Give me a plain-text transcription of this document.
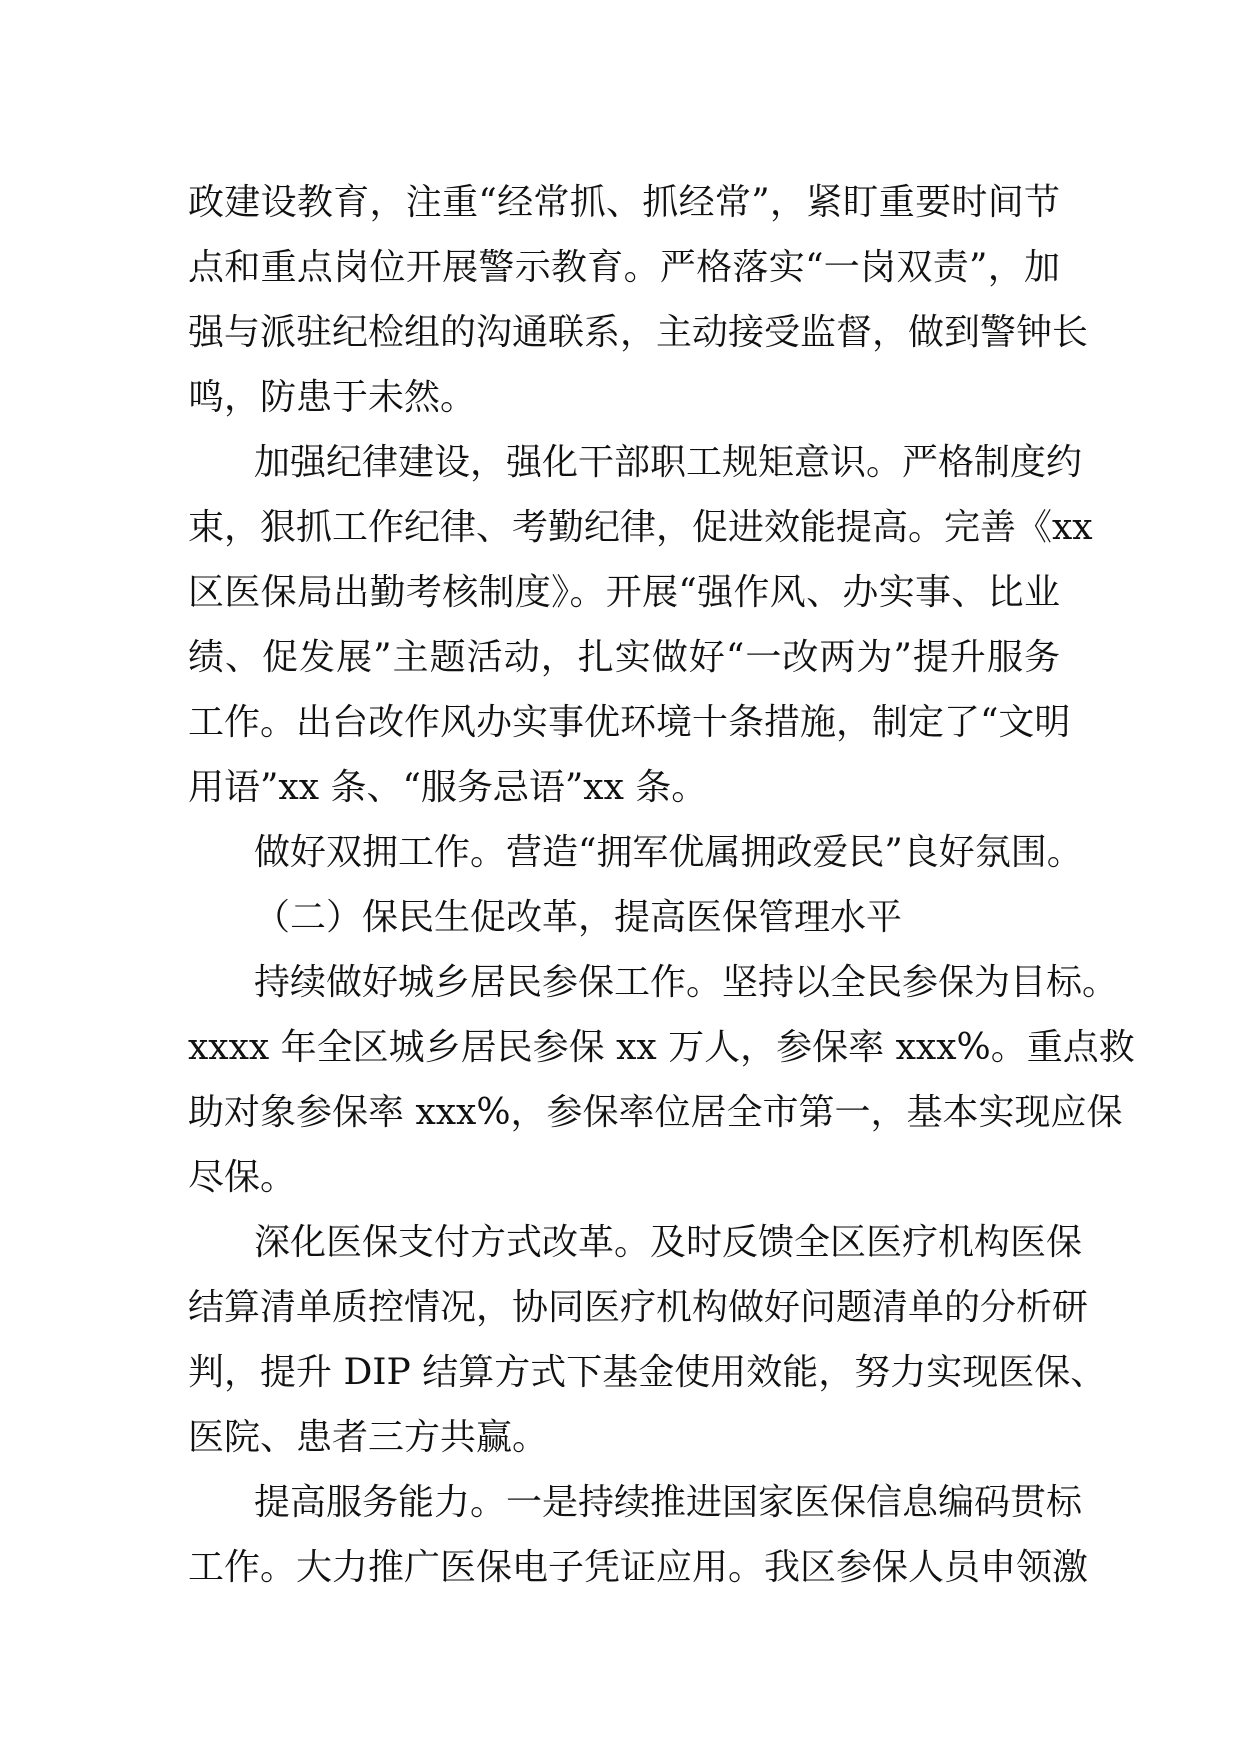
政建设教育，注重“经常抓、抓经常”，紧盯重要时间节
点和重点岗位开展警示教育。严格落实“一岗双责”，加
强与派驻纪检组的沟通联系，主动接受监督，做到警钟长
鸣，防患于未然。
加强纪律建设，强化干部职工规矩意识。严格制度约
束，狠抓工作纪律、考勤纪律，促进效能提高。完善《xx
区医保局出勤考核制度》。开展“强作风、办实事、比业
绩、促发展”主题活动，扎实做好“一改两为”提升服务
工作。出台改作风办实事优环境十条措施，制定了“文明
用语”xx 条、“服务忌语”xx 条。
做好双拥工作。营造“拥军优属拥政爱民”良好氛围。
（二）保民生促改革，提高医保管理水平
持续做好城乡居民参保工作。坚持以全民参保为目标。
xxxx 年全区城乡居民参保 xx 万人，参保率 xxx%。重点救
助对象参保率 xxx%，参保率位居全市第一，基本实现应保
尽保。
深化医保支付方式改革。及时反馈全区医疗机构医保
结算清单质控情况，协同医疗机构做好问题清单的分析研
判，提升 DIP 结算方式下基金使用效能，努力实现医保、
医院、患者三方共赢。
提高服务能力。一是持续推进国家医保信息编码贯标
工作。大力推广医保电子凭证应用。我区参保人员申领激
